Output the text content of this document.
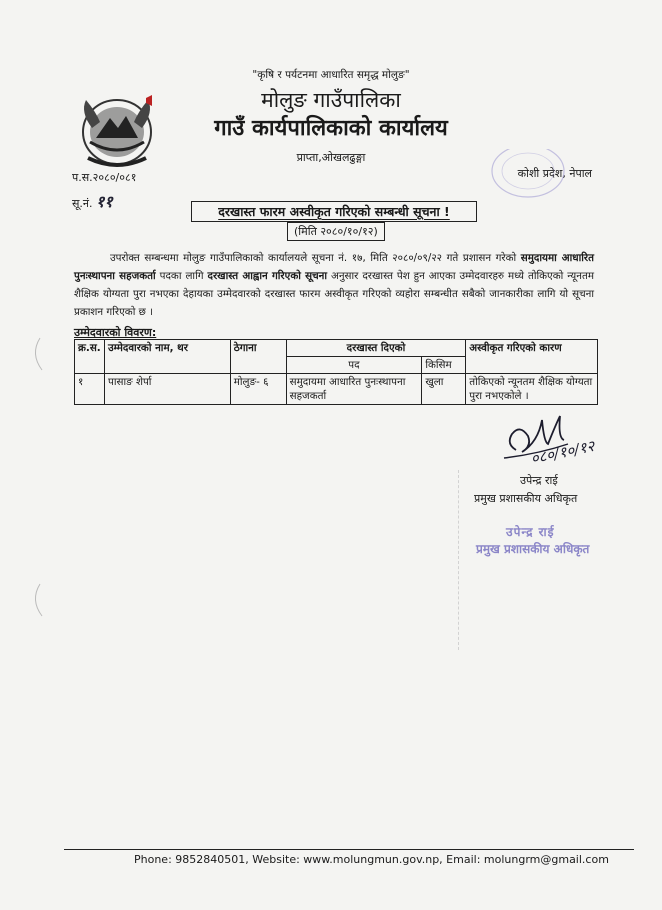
"कृषि र पर्यटनमा आधारित समृद्ध मोलुङ"
मोलुङ गाउँपालिका
गाउँ कार्यपालिकाको कार्यालय
प्राप्ता,ओखलढुङ्गा
कोशी प्रदेश, नेपाल
प.स.२०८०/०८१
सू.नं. ११
दरखास्त फारम अस्वीकृत गरिएको सम्बन्धी सूचना !
(मिति २०८०/१०/१२)
उपरोक्त सम्बन्धमा मोलुङ गाउँपालिकाको कार्यालयले सूचना नं. १७, मिति २०८०/०९/२२ गते प्रशासन गरेको समुदायमा आधारित पुनःस्थापना सहजकर्ता पदका लागि दरखास्त आह्वान गरिएको सूचना अनुसार दरखास्त पेश हुन आएका उम्मेदवारहरु मध्ये तोकिएको न्यूनतम शैक्षिक योग्यता पुरा नभएका देहायका उम्मेदवारको दरखास्त फारम अस्वीकृत गरिएको व्यहोरा सम्बन्धीत सबैको जानकारीका लागि यो सूचना प्रकाशन गरिएको छ ।
उम्मेदवारको विवरण:
क्र.स.	उम्मेदवारको नाम, थर	ठेगाना	दरखास्त दिएको		अस्वीकृत गरिएको कारण
			पद	किसिम	
१	पासाङ शेर्पा	मोलुङ- ६	समुदायमा आधारित पुनःस्थापना सहजकर्ता	खुला	तोकिएको न्यूनतम शैक्षिक योग्यता पुरा नभएकोले ।
०८०/१०/१२
उपेन्द्र राई
प्रमुख प्रशासकीय अधिकृत
उपेन्द्र राई
प्रमुख प्रशासकीय अधिकृत
Phone: 9852840501, Website: www.molungmun.gov.np, Email: molungrm@gmail.com
